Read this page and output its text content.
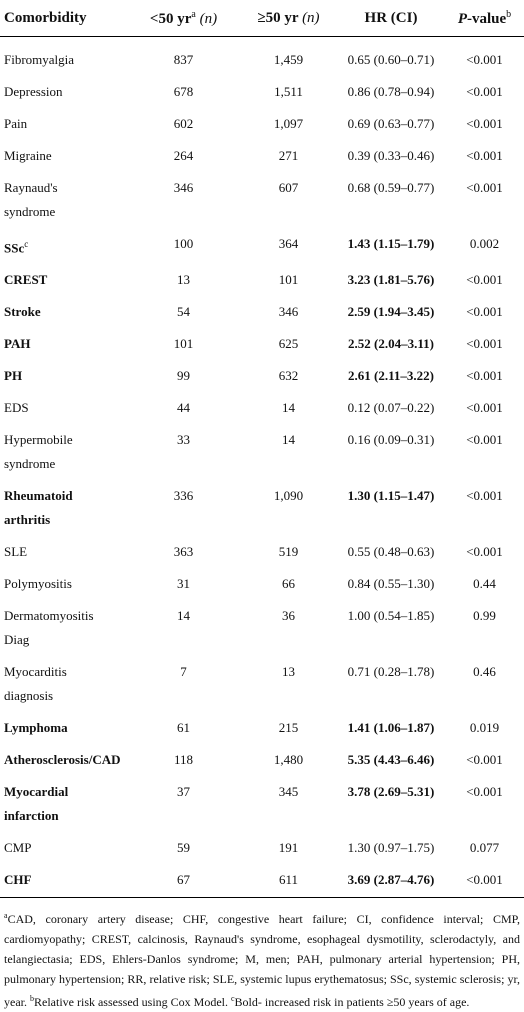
Comorbidity	<50 $yr^a$ (n)	≥50 yr (n)	HR (CI)	P-value$^b$
Fibromyalgia	837	1,459	0.65 (0.60–0.71)	<0.001
Depression	678	1,511	0.86 (0.78–0.94)	<0.001
Pain	602	1,097	0.69 (0.63–0.77)	<0.001
Migraine	264	271	0.39 (0.33–0.46)	<0.001
Raynaud's
syndrome	346	607	0.68 (0.59–0.77)	<0.001
SSc$^c$	100	364	1.43 (1.15–1.79)	0.002
CREST	13	101	3.23 (1.81–5.76)	<0.001
Stroke	54	346	2.59 (1.94–3.45)	<0.001
PAH	101	625	2.52 (2.04–3.11)	<0.001
PH	99	632	2.61 (2.11–3.22)	<0.001
EDS	44	14	0.12 (0.07–0.22)	<0.001
Hypermobile
syndrome	33	14	0.16 (0.09–0.31)	<0.001
Rheumatoid
arthritis	336	1,090	1.30 (1.15–1.47)	<0.001
SLE	363	519	0.55 (0.48–0.63)	<0.001
Polymyositis	31	66	0.84 (0.55–1.30)	0.44
Dermatomyositis
Diag	14	36	1.00 (0.54–1.85)	0.99
Myocarditis
diagnosis	7	13	0.71 (0.28–1.78)	0.46
Lymphoma	61	215	1.41 (1.06–1.87)	0.019
Atherosclerosis/CAD	118	1,480	5.35 (4.43–6.46)	<0.001
Myocardial
infarction	37	345	3.78 (2.69–5.31)	<0.001
CMP	59	191	1.30 (0.97–1.75)	0.077
CHF	67	611	3.69 (2.87–4.76)	<0.001
$^a$CAD, coronary artery disease; CHF, congestive heart failure; CI, confidence interval; CMP, cardiomyopathy; CREST, calcinosis, Raynaud's syndrome, esophageal dysmotility, sclerodactyly, and telangiectasia; EDS, Ehlers-Danlos syndrome; M, men; PAH, pulmonary arterial hypertension; PH, pulmonary hypertension; RR, relative risk; SLE, systemic lupus erythematosus; SSc, systemic sclerosis; yr, year. $^b$Relative risk assessed using Cox Model. $^c$Bold- increased risk in patients ≥50 years of age.
